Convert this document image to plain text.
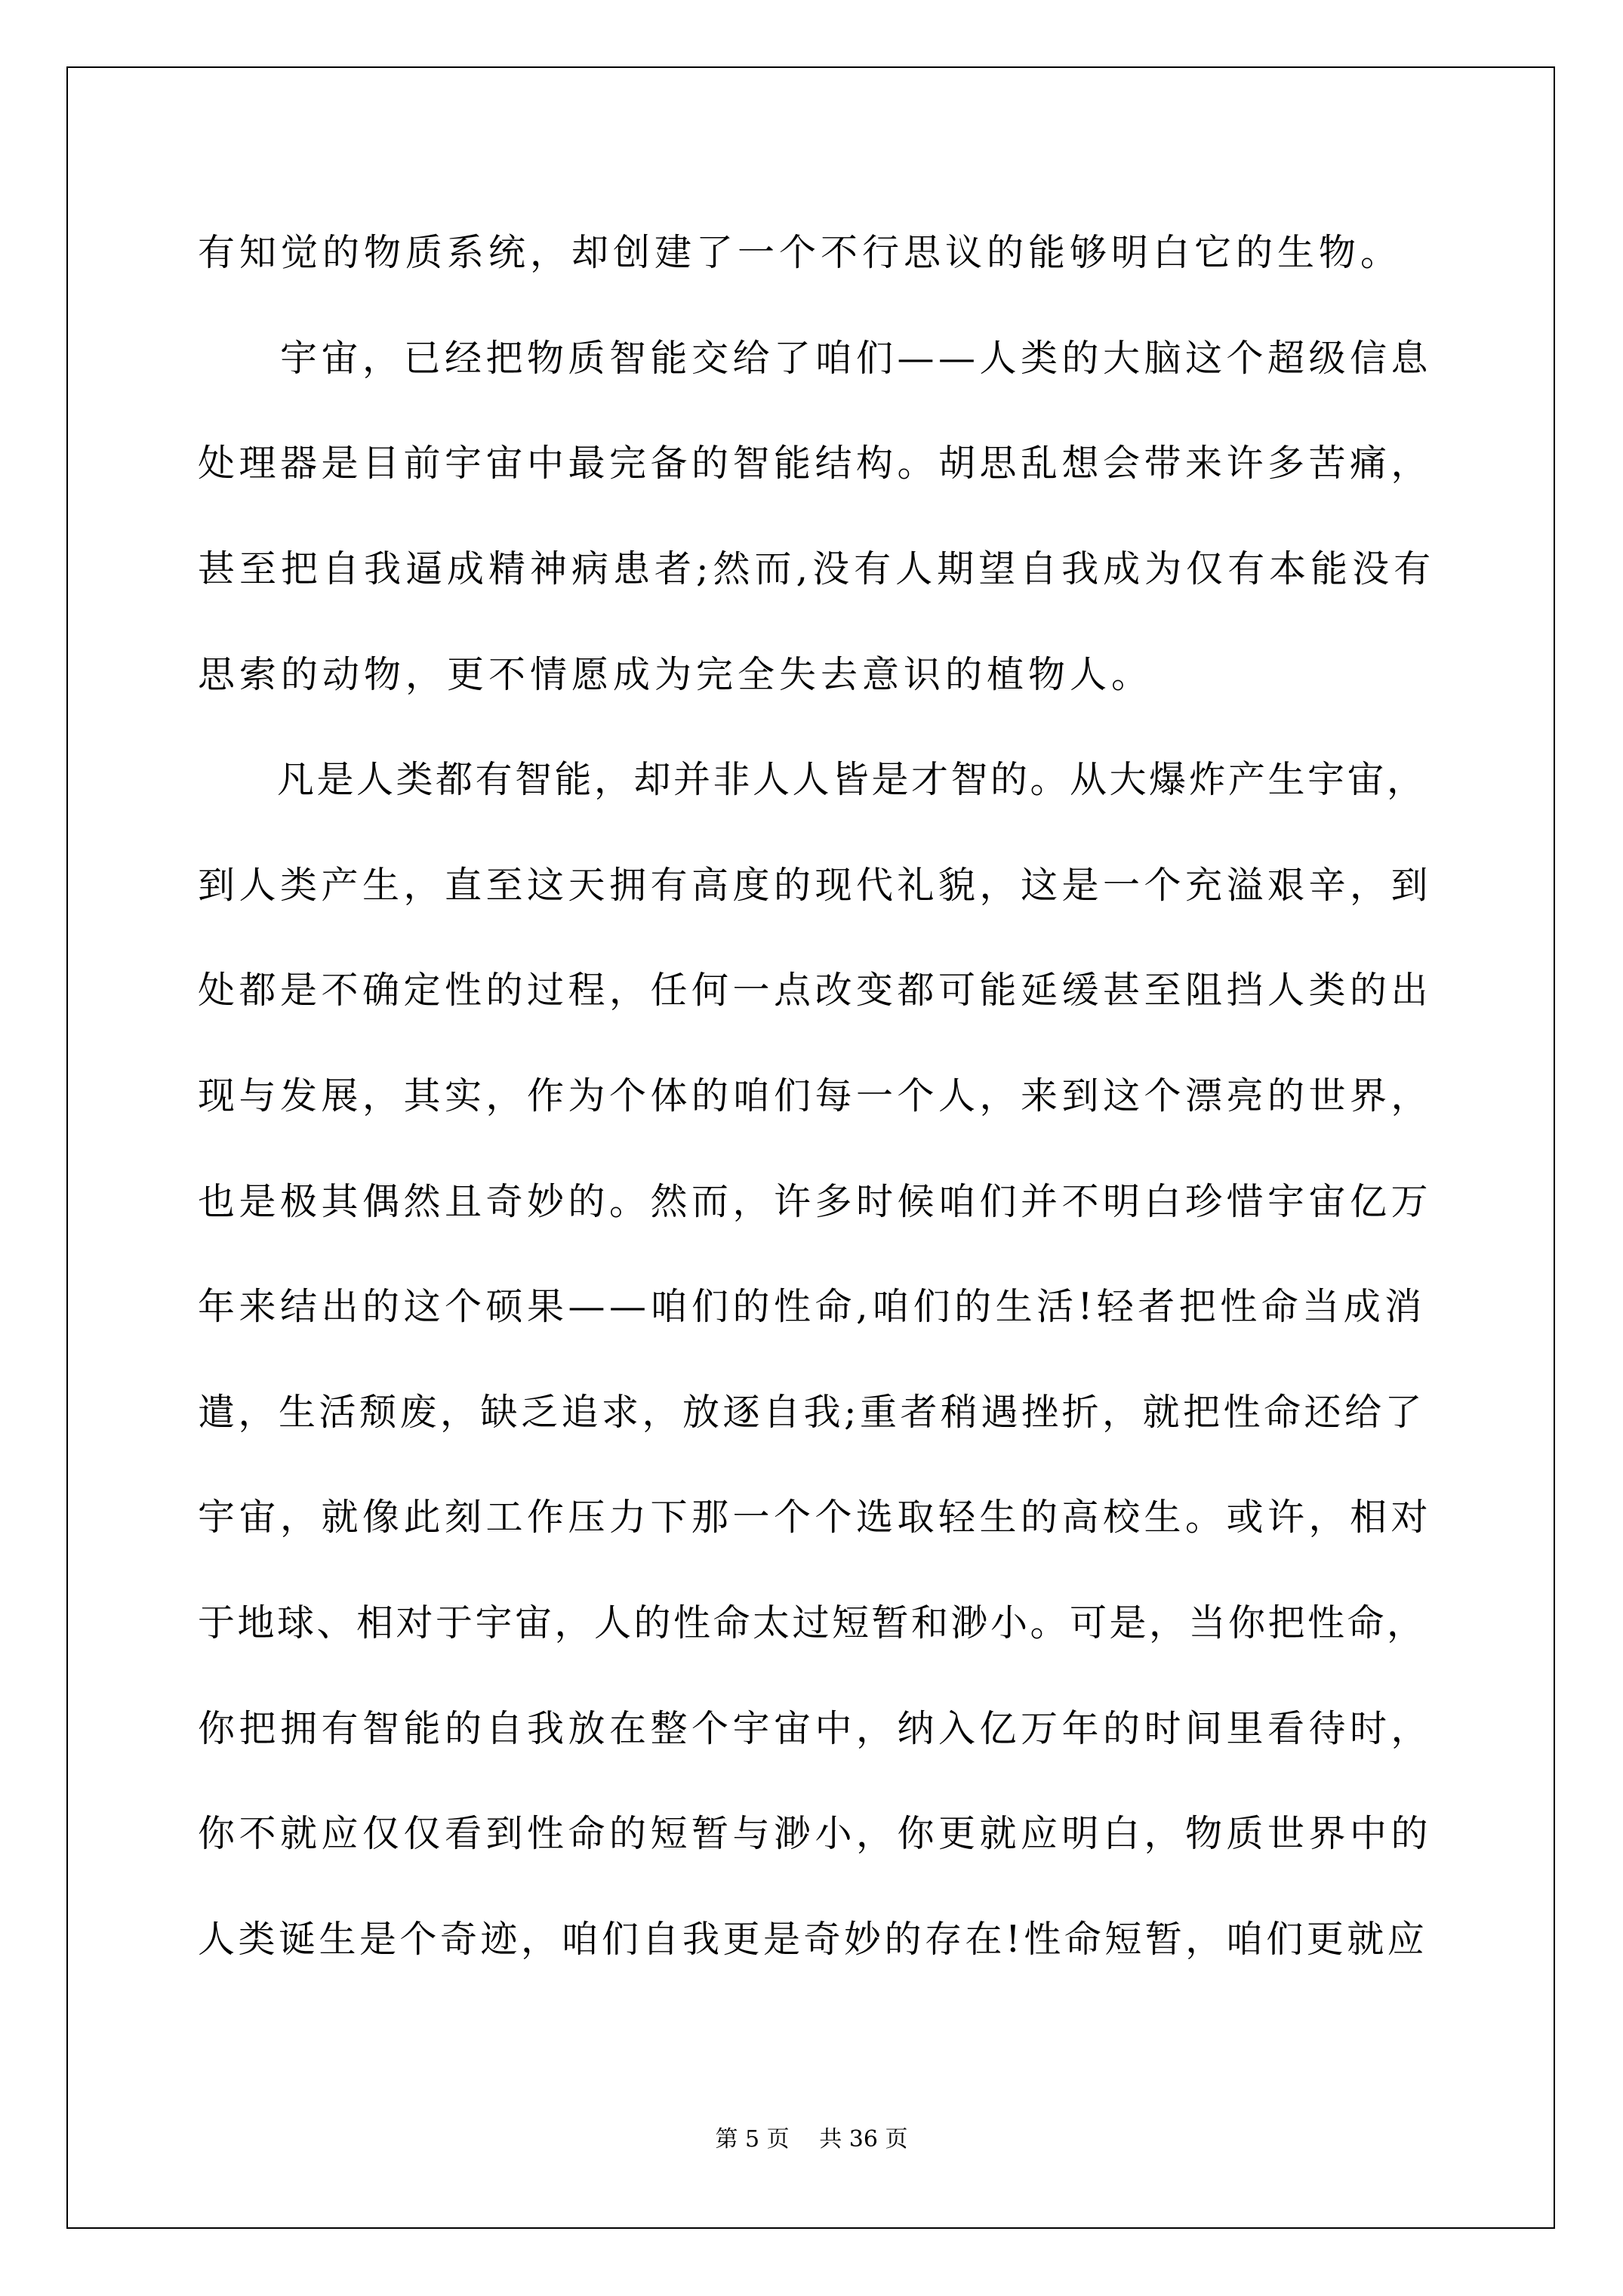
有知觉的物质系统，却创建了一个不行思议的能够明白它的生物。
　　宇宙，已经把物质智能交给了咱们——人类的大脑这个超级信息
处理器是目前宇宙中最完备的智能结构。胡思乱想会带来许多苦痛，
甚至把自我逼成精神病患者;然而,没有人期望自我成为仅有本能没有
思索的动物，更不情愿成为完全失去意识的植物人。
　　凡是人类都有智能，却并非人人皆是才智的。从大爆炸产生宇宙，
到人类产生，直至这天拥有高度的现代礼貌，这是一个充溢艰辛，到
处都是不确定性的过程，任何一点改变都可能延缓甚至阻挡人类的出
现与发展，其实，作为个体的咱们每一个人，来到这个漂亮的世界，
也是极其偶然且奇妙的。然而，许多时候咱们并不明白珍惜宇宙亿万
年来结出的这个硕果——咱们的性命,咱们的生活!轻者把性命当成消
遣，生活颓废，缺乏追求，放逐自我;重者稍遇挫折，就把性命还给了
宇宙，就像此刻工作压力下那一个个选取轻生的高校生。或许，相对
于地球、相对于宇宙，人的性命太过短暂和渺小。可是，当你把性命，
你把拥有智能的自我放在整个宇宙中，纳入亿万年的时间里看待时，
你不就应仅仅看到性命的短暂与渺小，你更就应明白，物质世界中的
人类诞生是个奇迹，咱们自我更是奇妙的存在!性命短暂，咱们更就应
第 5 页　 共 36 页
